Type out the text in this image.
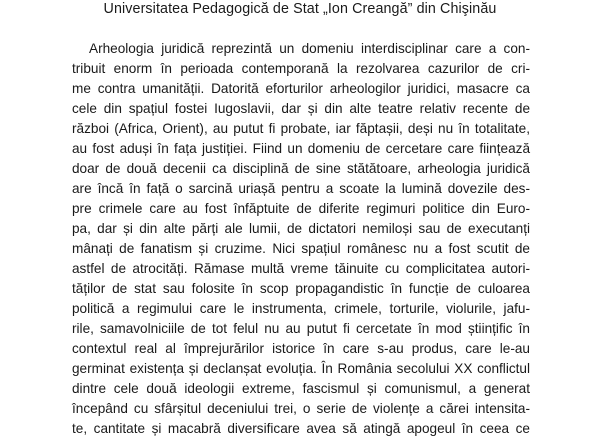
Universitatea Pedagogică de Stat „Ion Creangă” din Chişinău
Arheologia juridică reprezintă un domeniu interdisciplinar care a con-
tribuit enorm în perioada contemporană la rezolvarea cazurilor de cri-
me contra umanității. Datorită eforturilor arheologilor juridici, masacre ca
cele din spațiul fostei Iugoslavii, dar și din alte teatre relativ recente de
război (Africa, Orient), au putut fi probate, iar făptașii, deși nu în totalitate,
au fost aduși în fața justiției. Fiind un domeniu de cercetare care ființează
doar de două decenii ca disciplină de sine stătătoare, arheologia juridică
are încă în față o sarcină uriașă pentru a scoate la lumină dovezile des-
pre crimele care au fost înfăptuite de diferite regimuri politice din Euro-
pa, dar și din alte părți ale lumii, de dictatori nemiloși sau de executanți
mânați de fanatism și cruzime. Nici spațiul românesc nu a fost scutit de
astfel de atrocități. Rămase multă vreme tăinuite cu complicitatea autori-
tăților de stat sau folosite în scop propagandistic în funcție de culoarea
politică a regimului care le instrumenta, crimele, torturile, violurile, jafu-
rile, samavolniciile de tot felul nu au putut fi cercetate în mod științific în
contextul real al împrejurărilor istorice în care s-au produs, care le-au
germinat existența și declanșat evoluția. În România secolului XX conflictul
dintre cele două ideologii extreme, fascismul și comunismul, a generat
începând cu sfârșitul deceniului trei, o serie de violențe a cărei intensita-
te, cantitate și macabră diversificare avea să atingă apogeul în ceea ce
